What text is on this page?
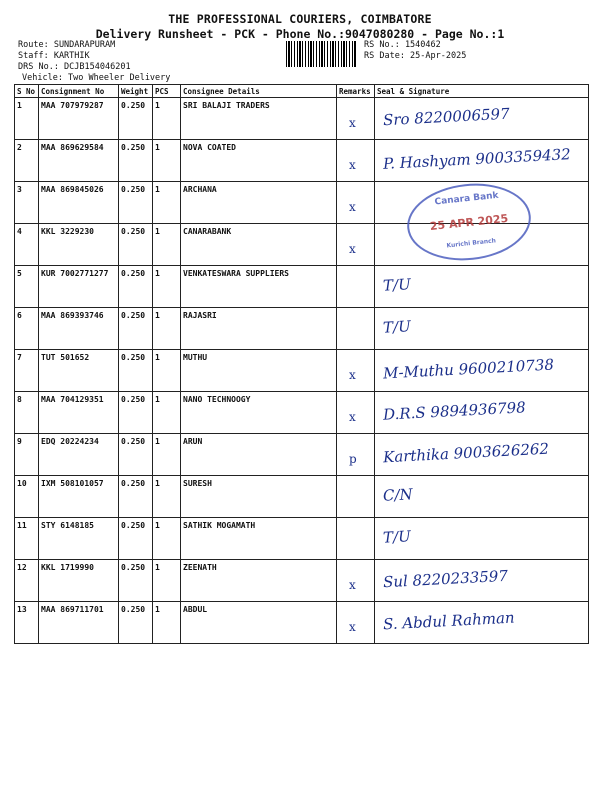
THE PROFESSIONAL COURIERS, COIMBATORE
Delivery Runsheet - PCK - Phone No.:9047080280 - Page No.:1
Route: SUNDARAPURAM
Staff: KARTHIK
DRS No.: DCJB154046201
RS No.: 1540462
RS Date: 25-Apr-2025
Vehicle: Two Wheeler Delivery
S No	Consignment No	Weight	PCS	Consignee Details	Remarks	Seal & Signature
1	MAA 707979287	0.250	1	SRI BALAJI TRADERS	x	Sro 8220006597

2	MAA 869629584	0.250	1	NOVA COATED	x	P. Hashyam 9003359432

3	MAA 869845026	0.250	1	ARCHANA	x	

4	KKL 3229230	0.250	1	CANARABANK	x	Canara Bank
25 APR 2025
Kurichi Branch

5	KUR 7002771277	0.250	1	VENKATESWARA SUPPLIERS		T/U

6	MAA 869393746	0.250	1	RAJASRI		T/U

7	TUT 501652	0.250	1	MUTHU	x	M-Muthu 9600210738

8	MAA 704129351	0.250	1	NANO TECHNOOGY	x	D.R.S 9894936798

9	EDQ 20224234	0.250	1	ARUN	p	Karthika 9003626262

10	IXM 508101057	0.250	1	SURESH		C/N

11	STY 6148185	0.250	1	SATHIK MOGAMATH		T/U

12	KKL 1719990	0.250	1	ZEENATH	x	Sul 8220233597

13	MAA 869711701	0.250	1	ABDUL	x	S. Abdul Rahman
